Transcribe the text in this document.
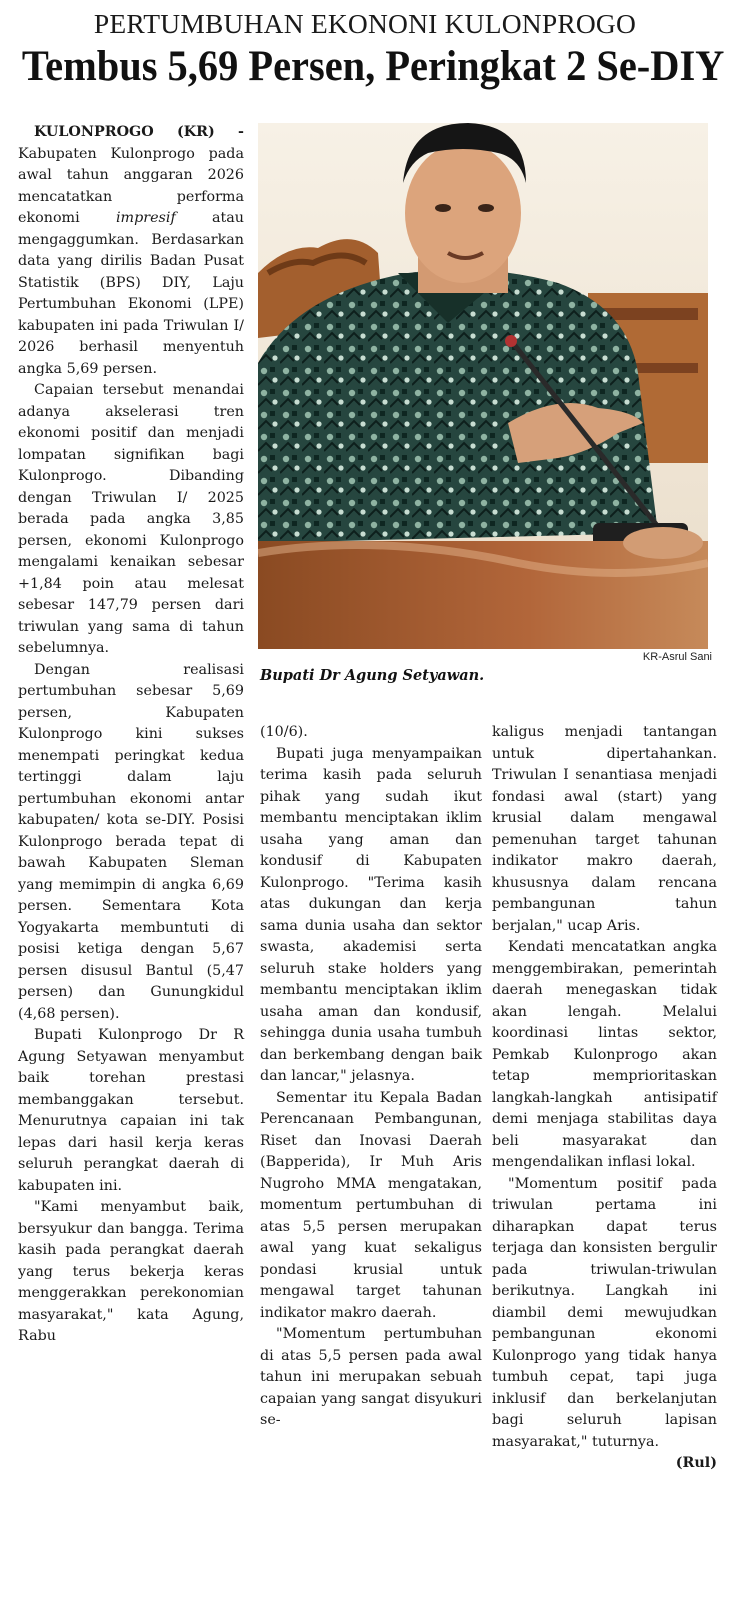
PERTUMBUHAN EKONONI KULONPROGO
Tembus 5,69 Persen, Peringkat 2 Se-DIY

KULONPROGO (KR) - Kabupaten Kulonprogo pada awal tahun anggaran 2026 mencatatkan performa ekonomi impresif atau mengaggumkan. Berdasarkan data yang dirilis Badan Pusat Statistik (BPS) DIY, Laju Pertumbuhan Ekonomi (LPE) kabupaten ini pada Triwulan I/ 2026 berhasil menyentuh angka 5,69 persen.

Capaian tersebut menandai adanya akselerasi tren ekonomi positif dan menjadi lompatan signifikan bagi Kulonprogo. Dibanding dengan Triwulan I/ 2025 berada pada angka 3,85 persen, ekonomi Kulonprogo mengalami kenaikan sebesar +1,84 poin atau melesat sebesar 147,79 persen dari triwulan yang sama di tahun sebelumnya.

Dengan realisasi pertumbuhan sebesar 5,69 persen, Kabupaten Kulonprogo kini sukses menempati peringkat kedua tertinggi dalam laju pertumbuhan ekonomi antar kabupaten/ kota se-DIY. Posisi Kulonprogo berada tepat di bawah Kabupaten Sleman yang memimpin di angka 6,69 persen. Sementara Kota Yogyakarta membuntuti di posisi ketiga dengan 5,67 persen disusul Bantul (5,47 persen) dan Gunungkidul (4,68 persen).

Bupati Kulonprogo Dr R Agung Setyawan menyambut baik torehan prestasi membanggakan tersebut. Menurutnya capaian ini tak lepas dari hasil kerja keras seluruh perangkat daerah di kabupaten ini.

"Kami menyambut baik, bersyukur dan bangga. Terima kasih pada perangkat daerah yang terus bekerja keras menggerakkan perekonomian masyarakat," kata Agung, Rabu

KR-Asrul Sani
Bupati Dr Agung Setyawan.

(10/6).

Bupati juga menyampaikan terima kasih pada seluruh pihak yang sudah ikut membantu menciptakan iklim usaha yang aman dan kondusif di Kabupaten Kulonprogo. "Terima kasih atas dukungan dan kerja sama dunia usaha dan sektor swasta, akademisi serta seluruh stake holders yang membantu menciptakan iklim usaha aman dan kondusif, sehingga dunia usaha tumbuh dan berkembang dengan baik dan lancar," jelasnya.

Sementar itu Kepala Badan Perencanaan Pembangunan, Riset dan Inovasi Daerah (Bapperida), Ir Muh Aris Nugroho MMA mengatakan, momentum pertumbuhan di atas 5,5 persen merupakan awal yang kuat sekaligus pondasi krusial untuk mengawal target tahunan indikator makro daerah.

"Momentum pertumbuhan di atas 5,5 persen pada awal tahun ini merupakan sebuah capaian yang sangat disyukuri se-

kaligus menjadi tantangan untuk dipertahankan. Triwulan I senantiasa menjadi fondasi awal (start) yang krusial dalam mengawal pemenuhan target tahunan indikator makro daerah, khususnya dalam rencana pembangunan tahun berjalan," ucap Aris.

Kendati mencatatkan angka menggembirakan, pemerintah daerah menegaskan tidak akan lengah. Melalui koordinasi lintas sektor, Pemkab Kulonprogo akan tetap memprioritaskan langkah-langkah antisipatif demi menjaga stabilitas daya beli masyarakat dan mengendalikan inflasi lokal.

"Momentum positif pada triwulan pertama ini diharapkan dapat terus terjaga dan konsisten bergulir pada triwulan-triwulan berikutnya. Langkah ini diambil demi mewujudkan pembangunan ekonomi Kulonprogo yang tidak hanya tumbuh cepat, tapi juga inklusif dan berkelanjutan bagi seluruh lapisan masyarakat," tuturnya.

(Rul)
